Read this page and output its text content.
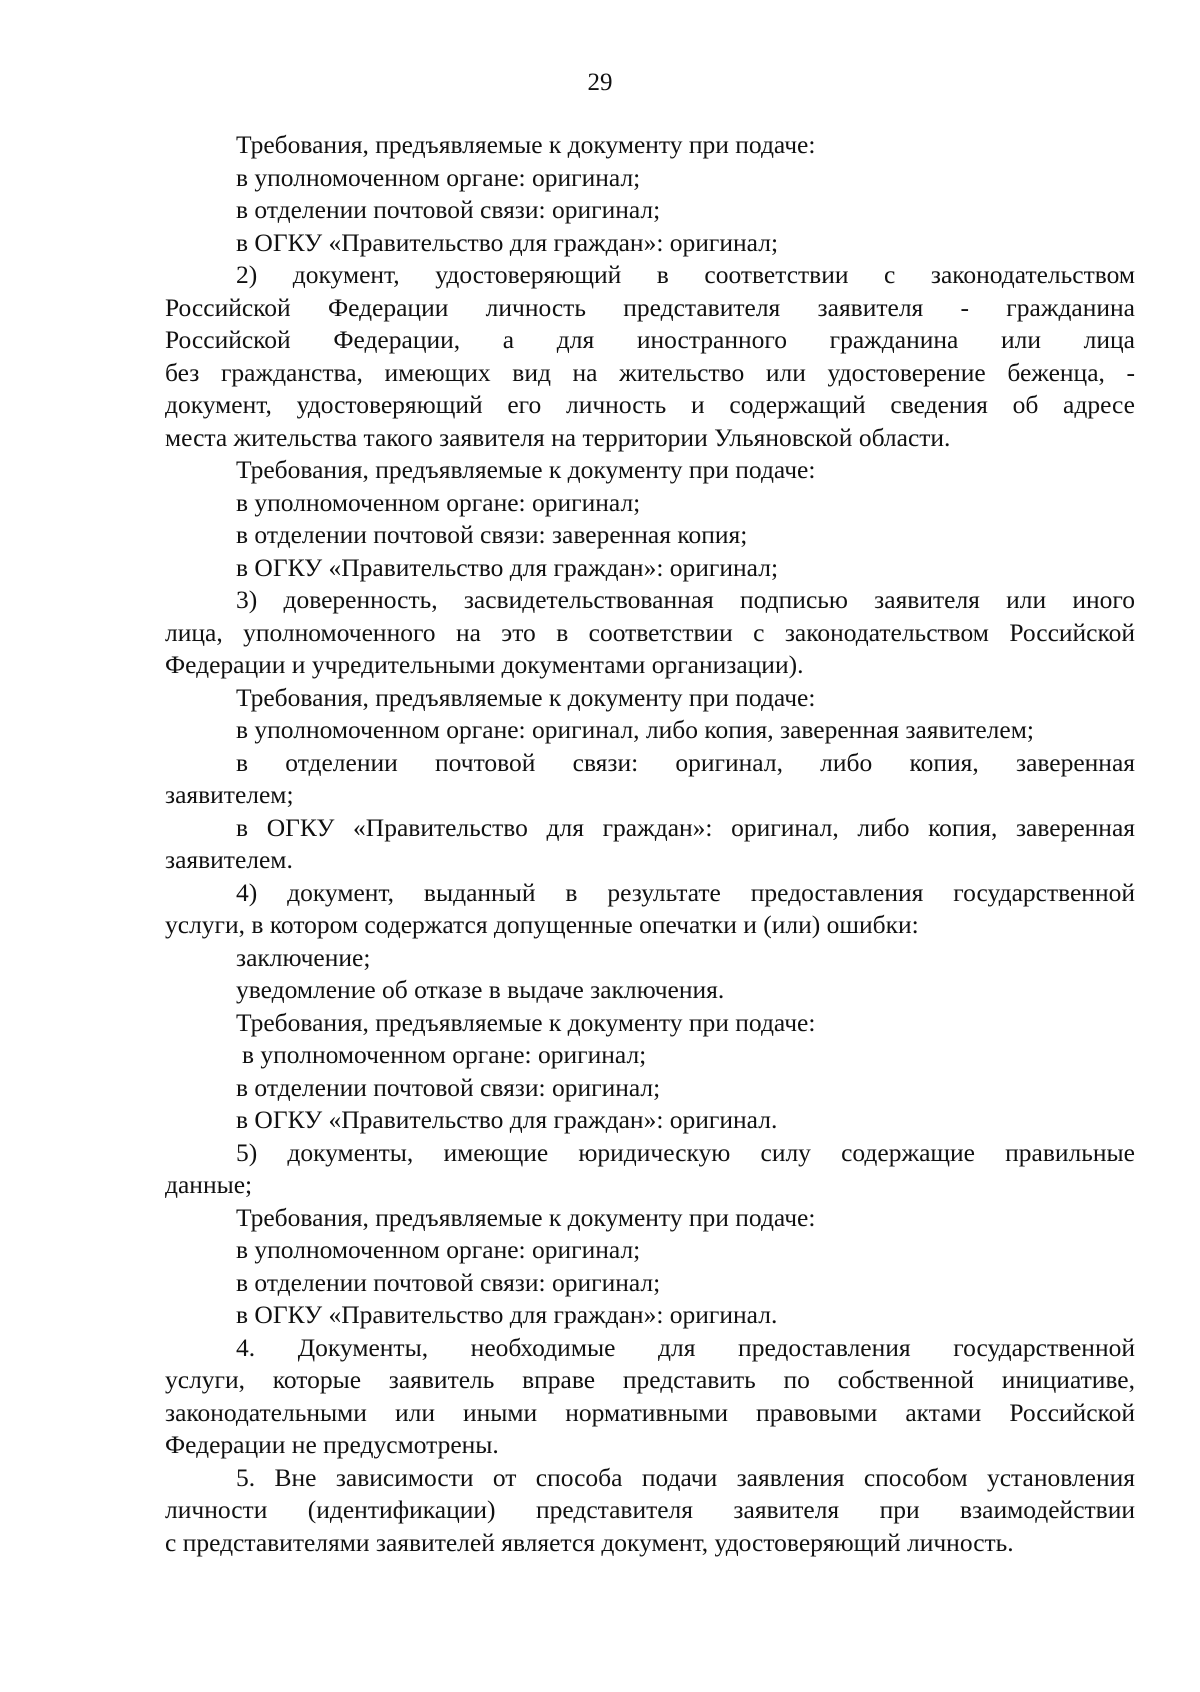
29
Требования, предъявляемые к документу при подаче:
в уполномоченном органе: оригинал;
в отделении почтовой связи: оригинал;
в ОГКУ «Правительство для граждан»: оригинал;
2) документ, удостоверяющий в соответствии с законодательством
Российской Федерации личность представителя заявителя - гражданина
Российской Федерации, а для иностранного гражданина или лица
без гражданства, имеющих вид на жительство или удостоверение беженца, -
документ, удостоверяющий его личность и содержащий сведения об адресе
места жительства такого заявителя на территории Ульяновской области.
Требования, предъявляемые к документу при подаче:
в уполномоченном органе: оригинал;
в отделении почтовой связи: заверенная копия;
в ОГКУ «Правительство для граждан»: оригинал;
3) доверенность, засвидетельствованная подписью заявителя или иного
лица, уполномоченного на это в соответствии с законодательством Российской
Федерации и учредительными документами организации).
Требования, предъявляемые к документу при подаче:
в уполномоченном органе: оригинал, либо копия, заверенная заявителем;
в отделении почтовой связи: оригинал, либо копия, заверенная
заявителем;
в ОГКУ «Правительство для граждан»: оригинал, либо копия, заверенная
заявителем.
4) документ, выданный в результате предоставления государственной
услуги, в котором содержатся допущенные опечатки и (или) ошибки:
заключение;
уведомление об отказе в выдаче заключения.
Требования, предъявляемые к документу при подаче:
в уполномоченном органе: оригинал;
в отделении почтовой связи: оригинал;
в ОГКУ «Правительство для граждан»: оригинал.
5) документы, имеющие юридическую силу содержащие правильные
данные;
Требования, предъявляемые к документу при подаче:
в уполномоченном органе: оригинал;
в отделении почтовой связи: оригинал;
в ОГКУ «Правительство для граждан»: оригинал.
4. Документы, необходимые для предоставления государственной
услуги, которые заявитель вправе представить по собственной инициативе,
законодательными или иными нормативными правовыми актами Российской
Федерации не предусмотрены.
5. Вне зависимости от способа подачи заявления способом установления
личности (идентификации) представителя заявителя при взаимодействии
с представителями заявителей является документ, удостоверяющий личность.
